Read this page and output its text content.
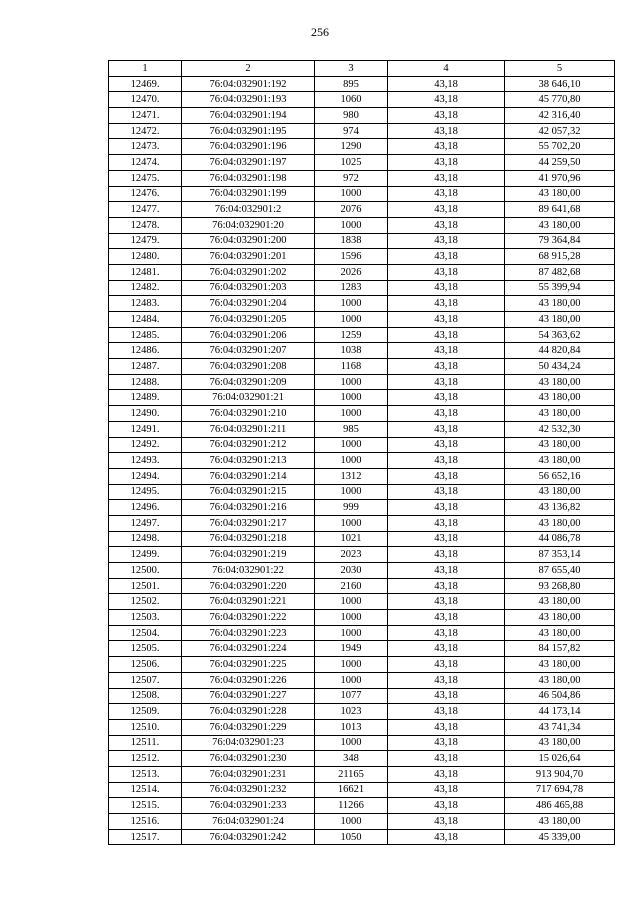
256
1	2	3	4	5
12469.	76:04:032901:192	895	43,18	38 646,10
12470.	76:04:032901:193	1060	43,18	45 770,80
12471.	76:04:032901:194	980	43,18	42 316,40
12472.	76:04:032901:195	974	43,18	42 057,32
12473.	76:04:032901:196	1290	43,18	55 702,20
12474.	76:04:032901:197	1025	43,18	44 259,50
12475.	76:04:032901:198	972	43,18	41 970,96
12476.	76:04:032901:199	1000	43,18	43 180,00
12477.	76:04:032901:2	2076	43,18	89 641,68
12478.	76:04:032901:20	1000	43,18	43 180,00
12479.	76:04:032901:200	1838	43,18	79 364,84
12480.	76:04:032901:201	1596	43,18	68 915,28
12481.	76:04:032901:202	2026	43,18	87 482,68
12482.	76:04:032901:203	1283	43,18	55 399,94
12483.	76:04:032901:204	1000	43,18	43 180,00
12484.	76:04:032901:205	1000	43,18	43 180,00
12485.	76:04:032901:206	1259	43,18	54 363,62
12486.	76:04:032901:207	1038	43,18	44 820,84
12487.	76:04:032901:208	1168	43,18	50 434,24
12488.	76:04:032901:209	1000	43,18	43 180,00
12489.	76:04:032901:21	1000	43,18	43 180,00
12490.	76:04:032901:210	1000	43,18	43 180,00
12491.	76:04:032901:211	985	43,18	42 532,30
12492.	76:04:032901:212	1000	43,18	43 180,00
12493.	76:04:032901:213	1000	43,18	43 180,00
12494.	76:04:032901:214	1312	43,18	56 652,16
12495.	76:04:032901:215	1000	43,18	43 180,00
12496.	76:04:032901:216	999	43,18	43 136,82
12497.	76:04:032901:217	1000	43,18	43 180,00
12498.	76:04:032901:218	1021	43,18	44 086,78
12499.	76:04:032901:219	2023	43,18	87 353,14
12500.	76:04:032901:22	2030	43,18	87 655,40
12501.	76:04:032901:220	2160	43,18	93 268,80
12502.	76:04:032901:221	1000	43,18	43 180,00
12503.	76:04:032901:222	1000	43,18	43 180,00
12504.	76:04:032901:223	1000	43,18	43 180,00
12505.	76:04:032901:224	1949	43,18	84 157,82
12506.	76:04:032901:225	1000	43,18	43 180,00
12507.	76:04:032901:226	1000	43,18	43 180,00
12508.	76:04:032901:227	1077	43,18	46 504,86
12509.	76:04:032901:228	1023	43,18	44 173,14
12510.	76:04:032901:229	1013	43,18	43 741,34
12511.	76:04:032901:23	1000	43,18	43 180,00
12512.	76:04:032901:230	348	43,18	15 026,64
12513.	76:04:032901:231	21165	43,18	913 904,70
12514.	76:04:032901:232	16621	43,18	717 694,78
12515.	76:04:032901:233	11266	43,18	486 465,88
12516.	76:04:032901:24	1000	43,18	43 180,00
12517.	76:04:032901:242	1050	43,18	45 339,00
